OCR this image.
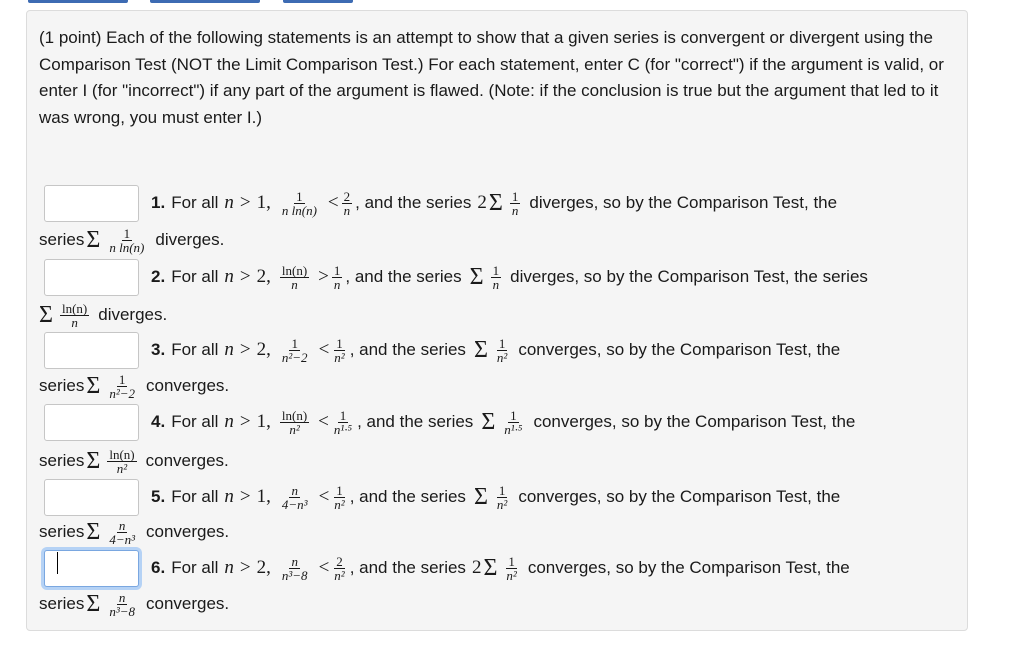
(1 point) Each of the following statements is an attempt to show that a given series is convergent or divergent using the Comparison Test (NOT the Limit Comparison Test.) For each statement, enter C (for "correct") if the argument is valid, or enter I (for "incorrect") if any part of the argument is flawed. (Note: if the conclusion is true but the argument that led to it was wrong, you must enter I.)

1. For all n > 1, $\frac{1}{\text{n ln(n)}} < \frac{2}{n}$ , and the series 2 Σ $\frac{1}{n}$ diverges, so by the Comparison Test, the
series Σ $\frac{1}{\text{n ln(n)}}$ diverges.
2. For all n > 2, $\frac{\ln(n)}{n} > \frac{1}{n}$ , and the series Σ $\frac{1}{n}$ diverges, so by the Comparison Test, the series
Σ $\frac{\ln(n)}{n}$ diverges.
3. For all n > 2, $\frac{1}{\text{n²−2}} < \frac{1}{\text{n²}}$ , and the series Σ $\frac{1}{\text{n²}}$ converges, so by the Comparison Test, the
series Σ $\frac{1}{\text{n²−2}}$ converges.
4. For all n > 1, $\frac{\ln(n)}{\text{n²}} < \frac{1}{\text{n¹·⁵}}$ , and the series Σ $\frac{1}{\text{n¹·⁵}}$ converges, so by the Comparison Test, the
series Σ $\frac{\ln(n)}{\text{n²}}$ converges.
5. For all n > 1, $\frac{n}{\text{4−n³}} < \frac{1}{\text{n²}}$ , and the series Σ $\frac{1}{\text{n²}}$ converges, so by the Comparison Test, the
series Σ $\frac{n}{\text{4−n³}}$ converges.
6. For all n > 2, $\frac{n}{\text{n³−8}} < \frac{2}{\text{n²}}$ , and the series 2 Σ $\frac{1}{\text{n²}}$ converges, so by the Comparison Test, the
series Σ $\frac{n}{\text{n³−8}}$ converges.
